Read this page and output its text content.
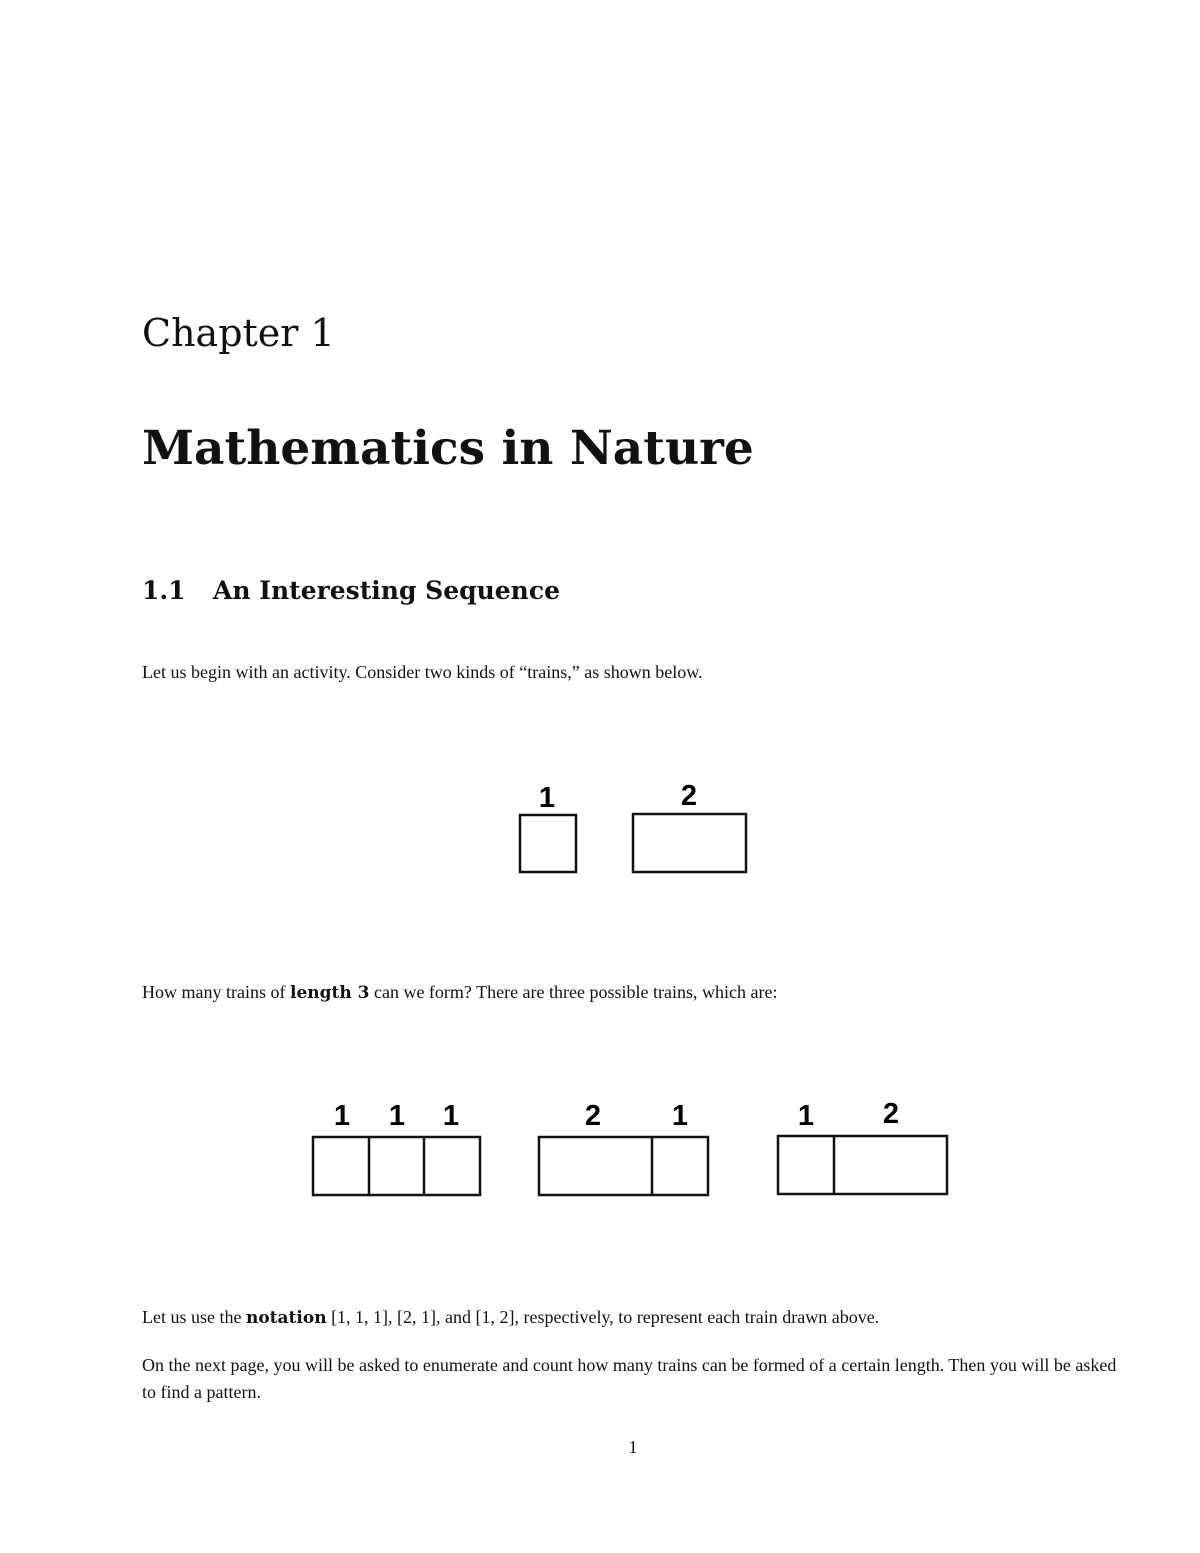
Chapter 1
Mathematics in Nature
1.1 An Interesting Sequence

Let us begin with an activity. Consider two kinds of “trains,” as shown below.

1	2

How many trains of length 3 can we form? There are three possible trains, which are:

1 1 1	2 1	1 2

Let us use the notation [1, 1, 1], [2, 1], and [1, 2], respectively, to represent each train drawn above.

On the next page, you will be asked to enumerate and count how many trains can be formed of a certain length. Then you will be asked to find a pattern.

1
